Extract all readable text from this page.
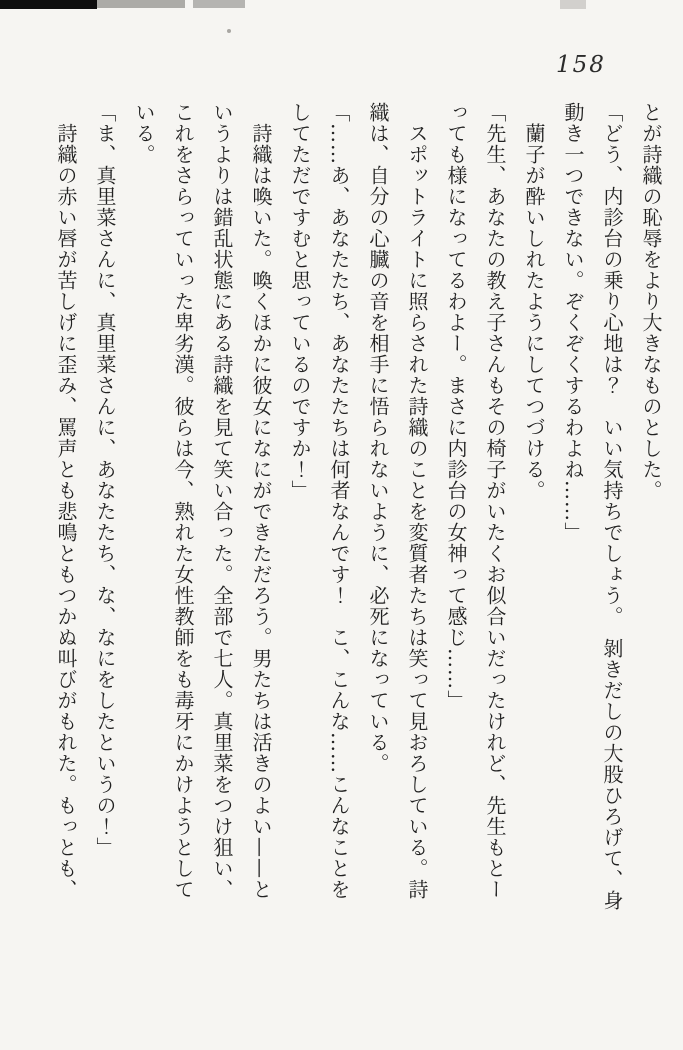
158

とが詩織の恥辱をより大きなものとした。

「どう、内診台の乗り心地は？　いい気持ちでしょう。　剝きだしの大股ひろげて、身

動き一つできない。ぞくぞくするわよね……」

　蘭子が酔いしれたようにしてつづける。

「先生、あなたの教え子さんもその椅子がいたくお似合いだったけれど、先生もとー

っても様になってるわよー。まさに内診台の女神って感じ……」

　スポットライトに照らされた詩織のことを変質者たちは笑って見おろしている。詩

織は、自分の心臓の音を相手に悟られないように、必死になっている。

「……あ、あなたたち、あなたたちは何者なんです！　こ、こんな……こんなことを

してただですむと思っているのですか！」

　詩織は喚いた。喚くほかに彼女になにができただろう。男たちは活きのよい——と

いうよりは錯乱状態にある詩織を見て笑い合った。全部で七人。真里菜をつけ狙い、

これをさらっていった卑劣漢。彼らは今、熟れた女性教師をも毒牙にかけようとして

いる。

「ま、真里菜さんに、真里菜さんに、あなたたち、な、なにをしたというの！」

　詩織の赤い唇が苦しげに歪み、罵声とも悲鳴ともつかぬ叫びがもれた。もっとも、
